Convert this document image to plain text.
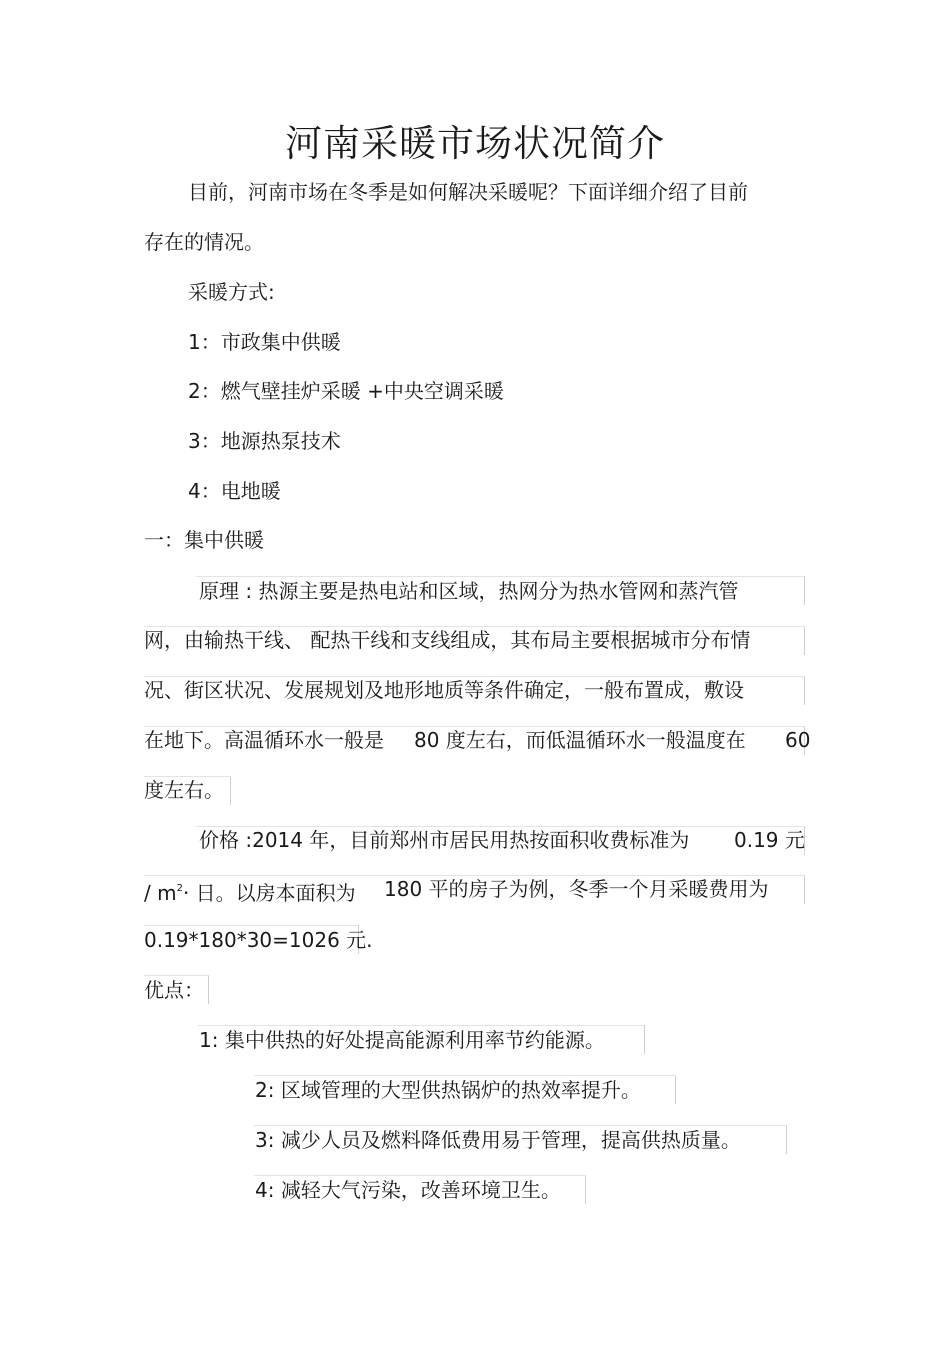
河南采暖市场状况简介
目前，河南市场在冬季是如何解决采暖呢？下面详细介绍了目前
存在的情况。
采暖方式:
1：市政集中供暖
2：燃气壁挂炉采暖 +中央空调采暖
3：地源热泵技术
4：电地暖
一：集中供暖
原理 : 热源主要是热电站和区域，热网分为热水管网和蒸汽管
网，由输热干线、 配热干线和支线组成，其布局主要根据城市分布情
况、街区状况、发展规划及地形地质等条件确定，一般布置成，敷设
在地下。高温循环水一般是 80 度左右，而低温循环水一般温度在 60
度左右。
价格 :2014 年，目前郑州市居民用热按面积收费标准为 0.19 元
/ $m^2\cdot$ 日。以房本面积为 180 平的房子为例，冬季一个月采暖费用为
0.19*180*30=1026 元.
优点：
1: 集中供热的好处提高能源利用率节约能源。
2: 区域管理的大型供热锅炉的热效率提升。
3: 减少人员及燃料降低费用易于管理，提高供热质量。
4: 减轻大气污染，改善环境卫生。
